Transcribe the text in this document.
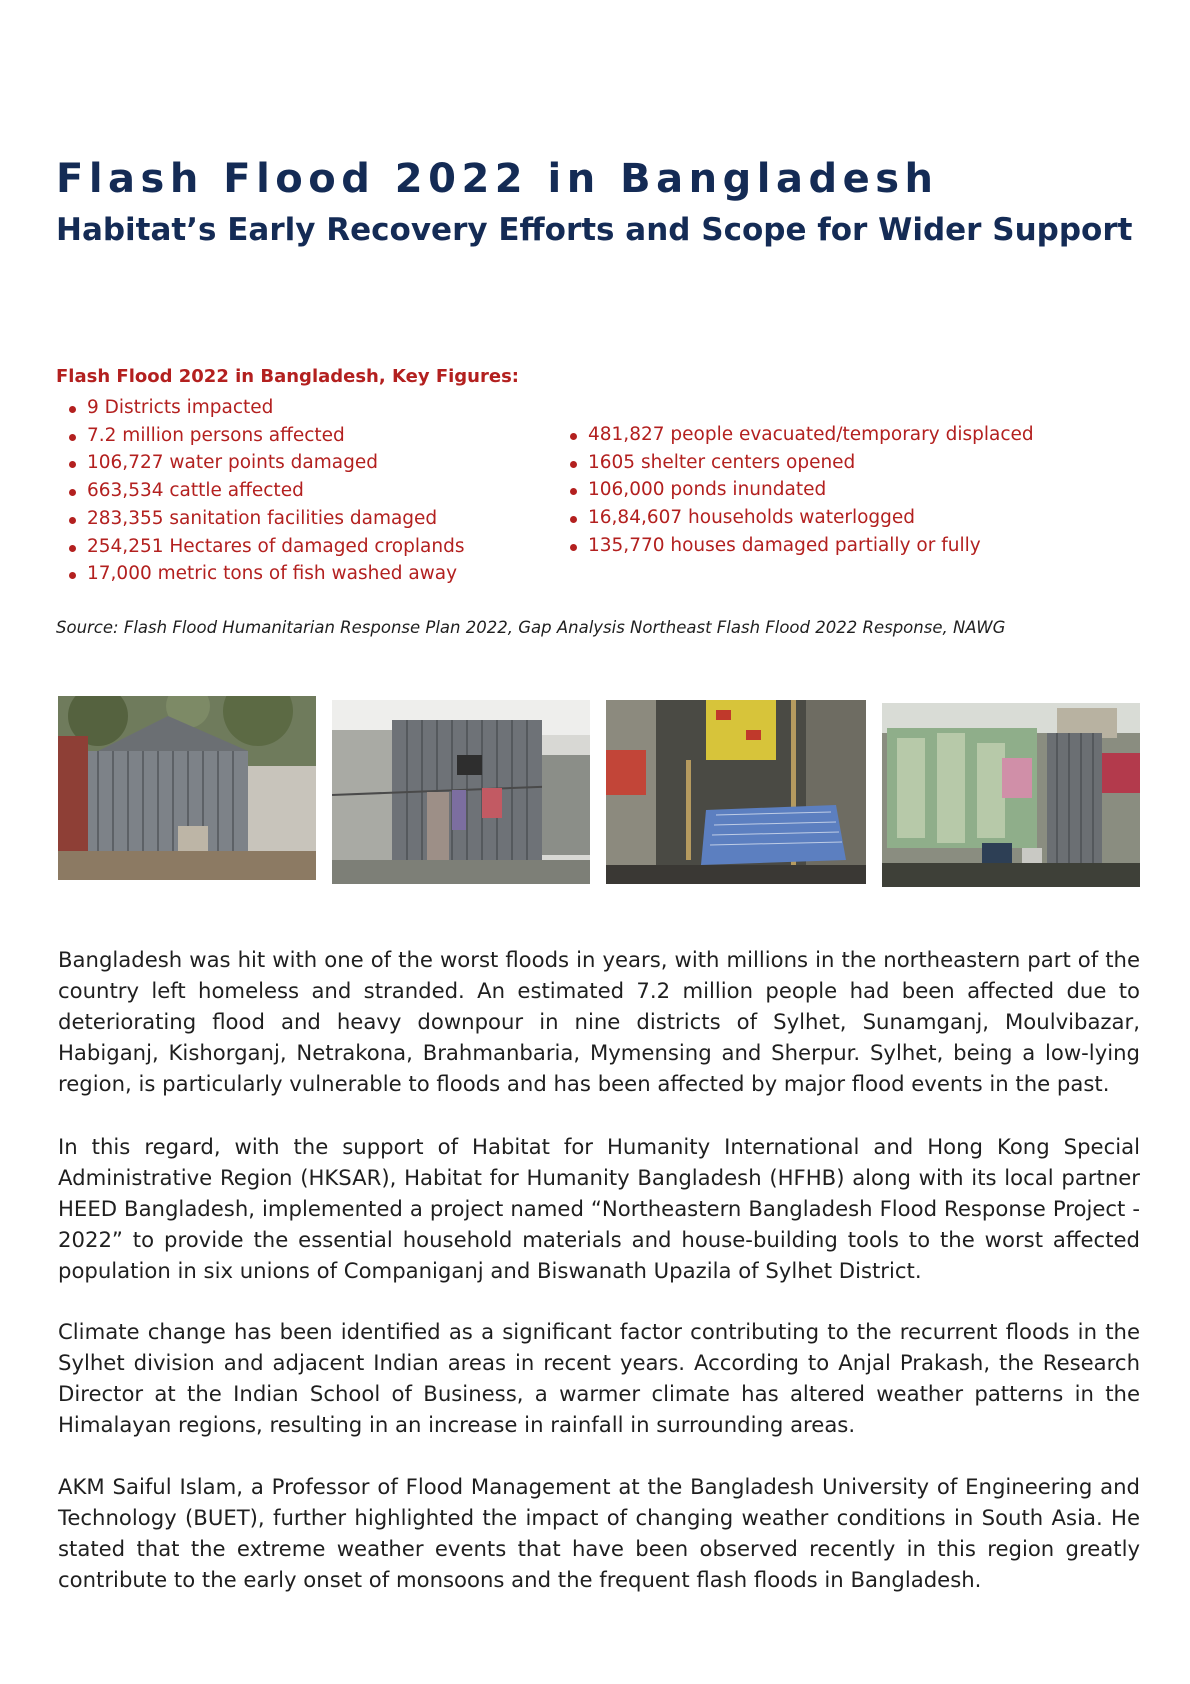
Flash Flood 2022 in Bangladesh
Habitat’s Early Recovery Efforts and Scope for Wider Support
Flash Flood 2022 in Bangladesh, Key Figures:
9 Districts impacted
7.2 million persons affected
106,727 water points damaged
663,534 cattle affected
283,355 sanitation facilities damaged
254,251 Hectares of damaged croplands
17,000 metric tons of fish washed away
481,827 people evacuated/temporary displaced
1605 shelter centers opened
106,000 ponds inundated
16,84,607 households waterlogged
135,770 houses damaged partially or fully
Source: Flash Flood Humanitarian Response Plan 2022, Gap Analysis Northeast Flash Flood 2022 Response, NAWG

Bangladesh was hit with one of the worst floods in years, with millions in the northeastern part of the country left homeless and stranded. An estimated 7.2 million people had been affected due to deteriorating flood and heavy downpour in nine districts of Sylhet, Sunamganj, Moulvibazar, Habiganj, Kishorganj, Netrakona, Brahmanbaria, Mymensing and Sherpur. Sylhet, being a low-lying region, is particularly vulnerable to floods and has been affected by major flood events in the past.

In this regard, with the support of Habitat for Humanity International and Hong Kong Special Administrative Region (HKSAR), Habitat for Humanity Bangladesh (HFHB) along with its local partner HEED Bangladesh, implemented a project named “Northeastern Bangladesh Flood Response Project - 2022” to provide the essential household materials and house-building tools to the worst affected population in six unions of Companiganj and Biswanath Upazila of Sylhet District.

Climate change has been identified as a significant factor contributing to the recurrent floods in the Sylhet division and adjacent Indian areas in recent years. According to Anjal Prakash, the Research Director at the Indian School of Business, a warmer climate has altered weather patterns in the Himalayan regions, resulting in an increase in rainfall in surrounding areas.

AKM Saiful Islam, a Professor of Flood Management at the Bangladesh University of Engineering and Technology (BUET), further highlighted the impact of changing weather conditions in South Asia. He stated that the extreme weather events that have been observed recently in this region greatly contribute to the early onset of monsoons and the frequent flash floods in Bangladesh.
